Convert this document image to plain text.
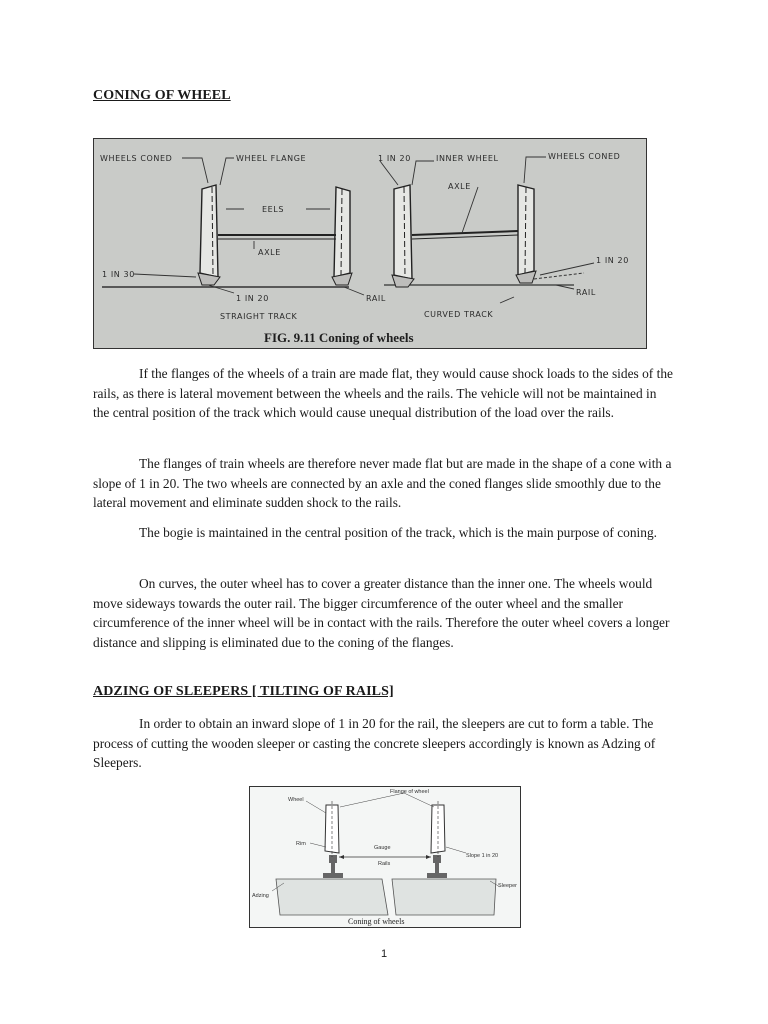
CONING OF WHEEL
WHEELS CONED	WHEEL FLANGE	1 IN 20	INNER WHEEL	WHEELS CONED
EELS
AXLE
AXLE
1 IN 30
1 IN 20
1 IN 20	RAIL
RAIL
STRAIGHT TRACK	CURVED TRACK
FIG. 9.11 Coning of wheels

If the flanges of the wheels of a train are made flat, they would cause shock loads to the sides of the rails, as there is lateral movement between the wheels and the rails. The vehicle will not be maintained in the central position of the track which would cause unequal distribution of the load over the rails.

The flanges of train wheels are therefore never made flat but are made in the shape of a cone with a slope of 1 in 20. The two wheels are connected by an axle and the coned flanges slide smoothly due to the lateral movement and eliminate sudden shock to the rails.

The bogie is maintained in the central position of the track, which is the main purpose of coning.

On curves, the outer wheel has to cover a greater distance than the inner one. The wheels would move sideways towards the outer rail. The bigger circumference of the outer wheel and the smaller circumference of the inner wheel will be in contact with the rails. Therefore the outer wheel covers a longer distance and slipping is eliminated due to the coning of the flanges.

ADZING OF SLEEPERS [ TILTING OF RAILS]

In order to obtain an inward slope of 1 in 20 for the rail, the sleepers are cut to form a table. The process of cutting the wooden sleeper or casting the concrete sleepers accordingly is known as Adzing of Sleepers.

Wheel
Flange of wheel
Rim
Gauge
Rails
Slope 1 in 20
Adzing
Sleeper
Coning of wheels
1
